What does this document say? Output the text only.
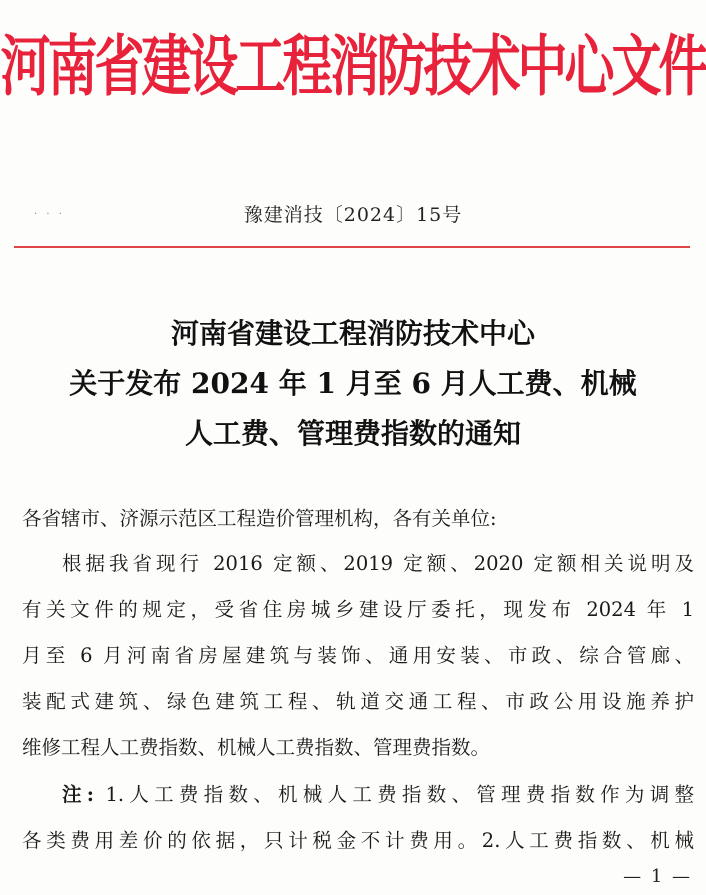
河南省建设工程消防技术中心文件
· · ·	豫建消技〔2024〕15号
河南省建设工程消防技术中心
关于发布 2024 年 1 月至 6 月人工费、机械
人工费、管理费指数的通知
各省辖市、济源示范区工程造价管理机构，各有关单位:
根据我省现行 2016 定额、2019 定额、2020 定额相关说明及
有关文件的规定，受省住房城乡建设厅委托，现发布 2024 年 1
月至 6 月河南省房屋建筑与装饰、通用安装、市政、综合管廊、
装配式建筑、绿色建筑工程、轨道交通工程、市政公用设施养护
维修工程人工费指数、机械人工费指数、管理费指数。
注: 1.人工费指数、机械人工费指数、管理费指数作为调整
各类费用差价的依据，只计税金不计费用。2.人工费指数、机械
— 1 —
